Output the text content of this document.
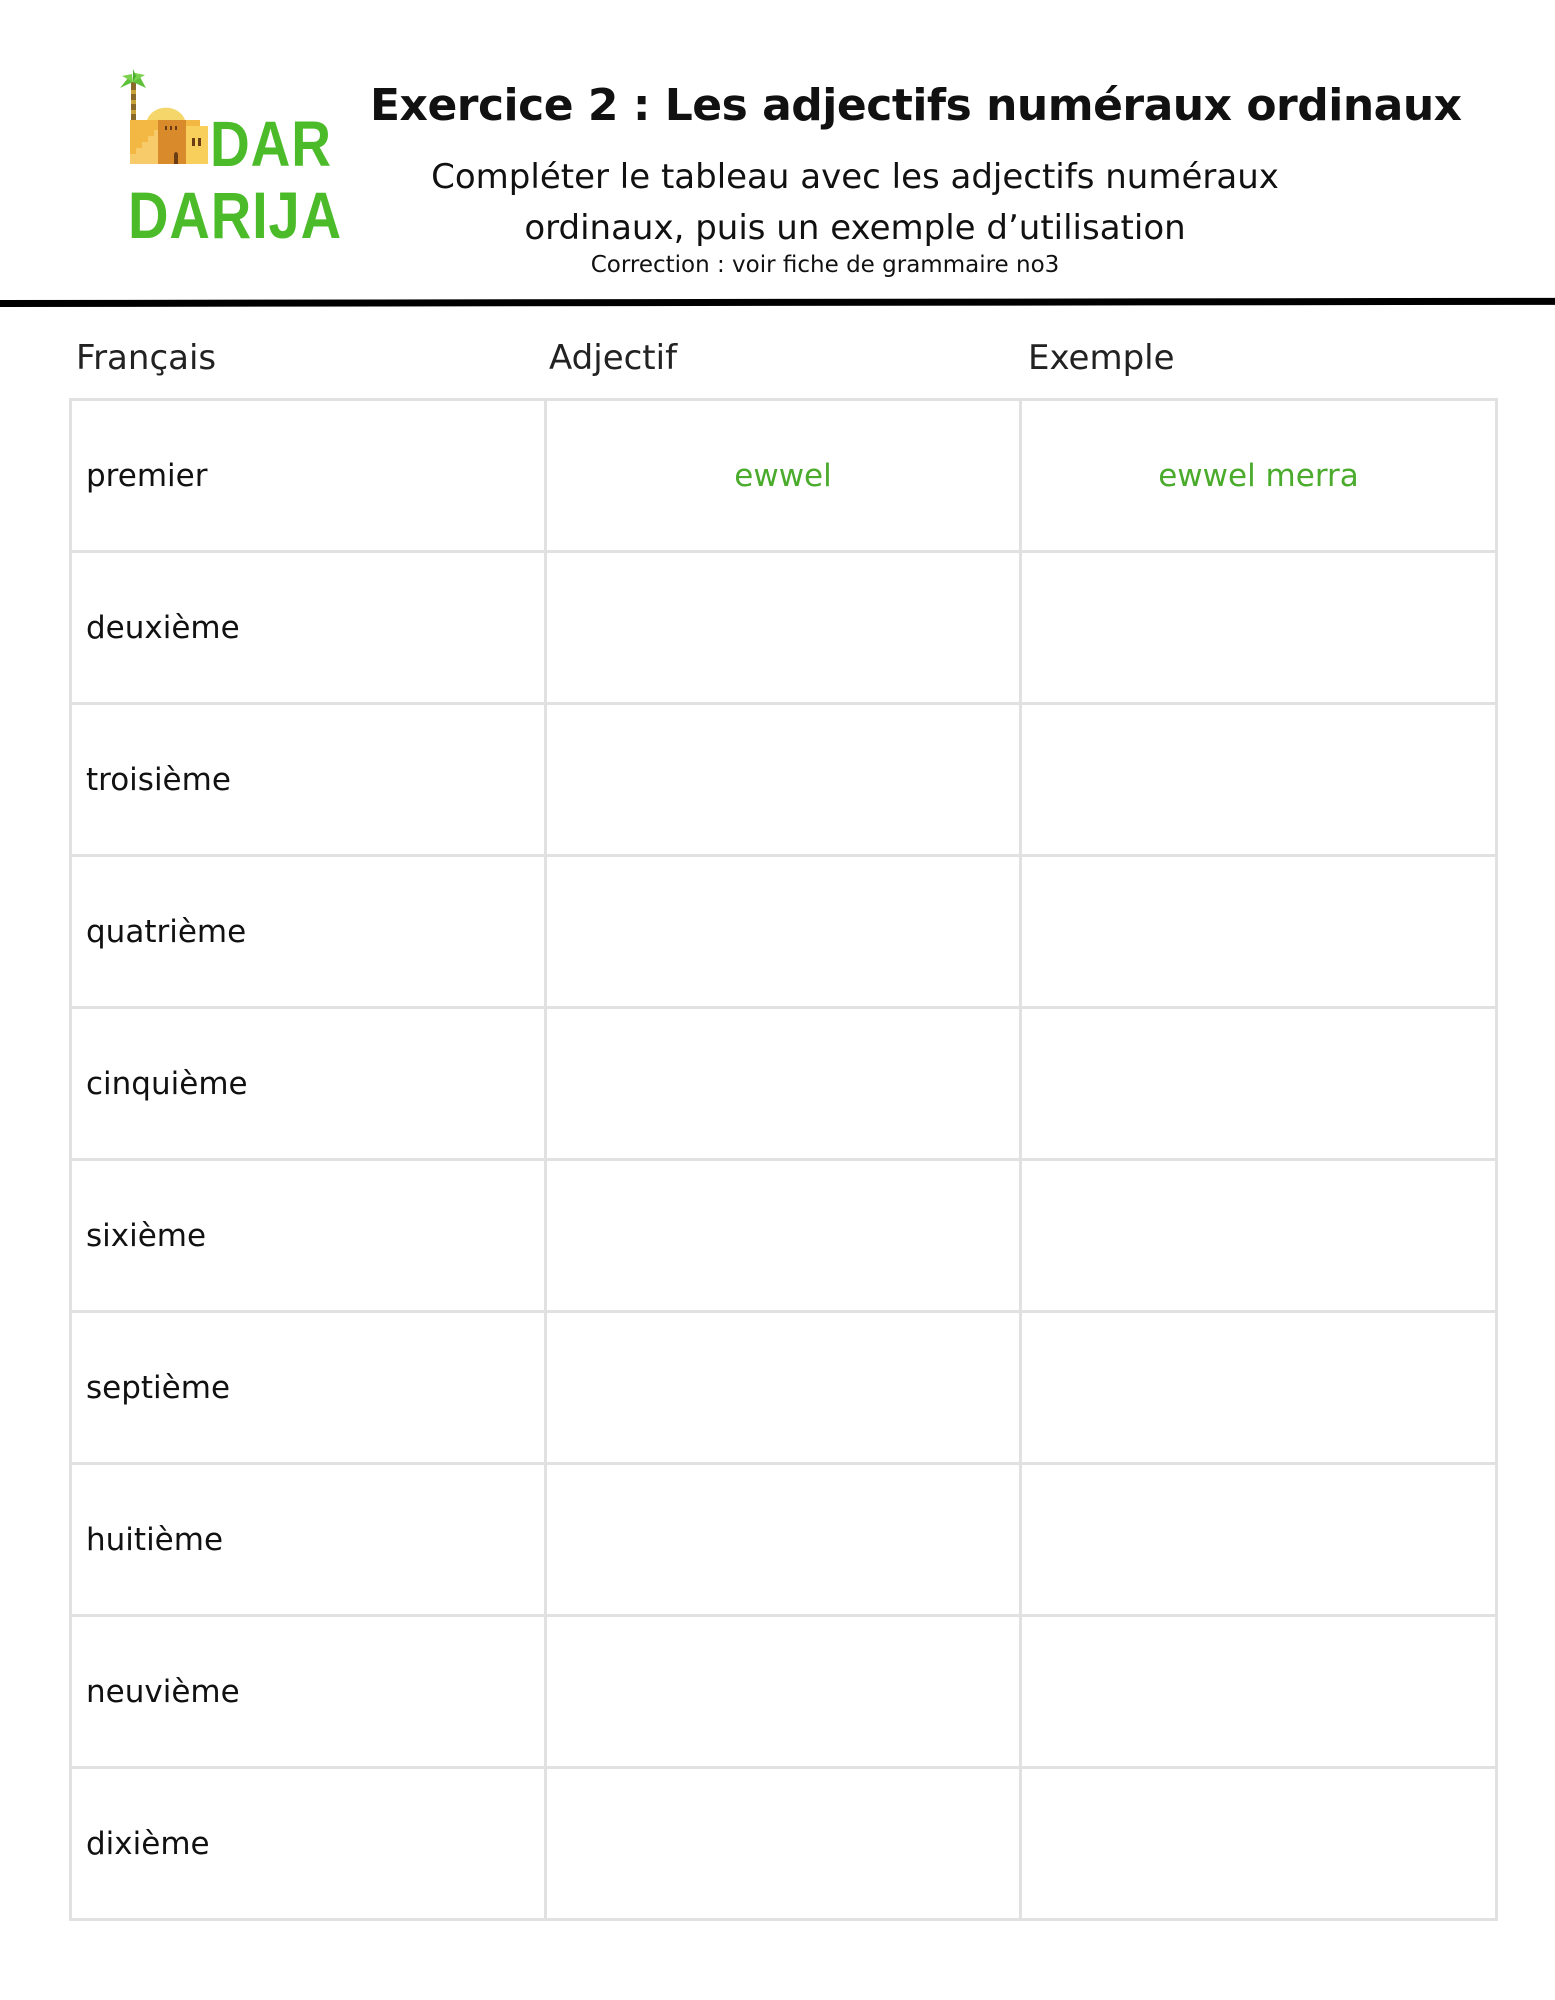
DAR
DARIJA
Exercice 2 : Les adjectifs numéraux ordinaux
Compléter le tableau avec les adjectifs numéraux
ordinaux, puis un exemple d’utilisation
Correction : voir fiche de grammaire no3
Français	Adjectif	Exemple
premier	ewwel	ewwel merra
deuxième		
troisième		
quatrième		
cinquième		
sixième		
septième		
huitième		
neuvième		
dixième		
